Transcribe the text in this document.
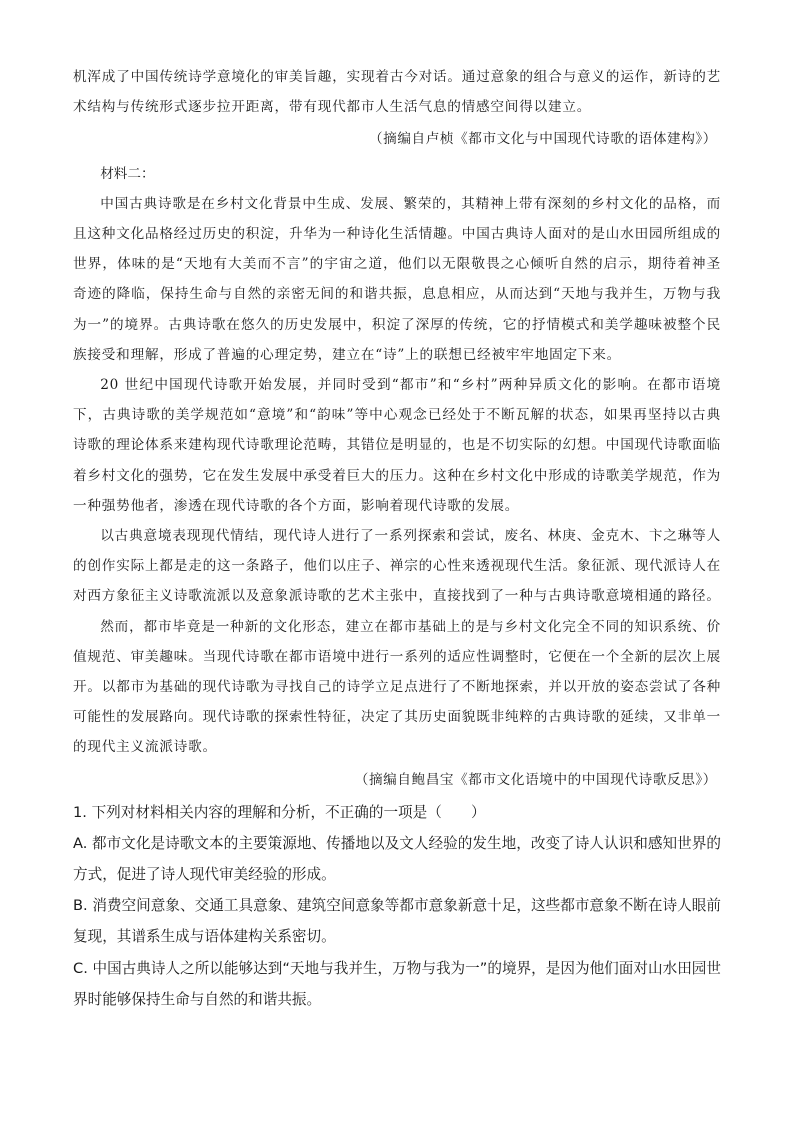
机浑成了中国传统诗学意境化的审美旨趣，实现着古今对话。通过意象的组合与意义的运作，新诗的艺术结构与传统形式逐步拉开距离，带有现代都市人生活气息的情感空间得以建立。

（摘编自卢桢《都市文化与中国现代诗歌的语体建构》）

材料二：

中国古典诗歌是在乡村文化背景中生成、发展、繁荣的，其精神上带有深刻的乡村文化的品格，而且这种文化品格经过历史的积淀，升华为一种诗化生活情趣。中国古典诗人面对的是山水田园所组成的世界，体味的是“天地有大美而不言”的宇宙之道，他们以无限敬畏之心倾听自然的启示，期待着神圣奇迹的降临，保持生命与自然的亲密无间的和谐共振，息息相应，从而达到“天地与我并生，万物与我为一”的境界。古典诗歌在悠久的历史发展中，积淀了深厚的传统，它的抒情模式和美学趣味被整个民族接受和理解，形成了普遍的心理定势，建立在“诗”上的联想已经被牢牢地固定下来。

20 世纪中国现代诗歌开始发展，并同时受到“都市”和“乡村”两种异质文化的影响。在都市语境下，古典诗歌的美学规范如“意境”和“韵味”等中心观念已经处于不断瓦解的状态，如果再坚持以古典诗歌的理论体系来建构现代诗歌理论范畴，其错位是明显的，也是不切实际的幻想。中国现代诗歌面临着乡村文化的强势，它在发生发展中承受着巨大的压力。这种在乡村文化中形成的诗歌美学规范，作为一种强势他者，渗透在现代诗歌的各个方面，影响着现代诗歌的发展。

以古典意境表现现代情结，现代诗人进行了一系列探索和尝试，废名、林庚、金克木、卞之琳等人的创作实际上都是走的这一条路子，他们以庄子、禅宗的心性来透视现代生活。象征派、现代派诗人在对西方象征主义诗歌流派以及意象派诗歌的艺术主张中，直接找到了一种与古典诗歌意境相通的路径。

然而，都市毕竟是一种新的文化形态，建立在都市基础上的是与乡村文化完全不同的知识系统、价值规范、审美趣味。当现代诗歌在都市语境中进行一系列的适应性调整时，它便在一个全新的层次上展开。以都市为基础的现代诗歌为寻找自己的诗学立足点进行了不断地探索，并以开放的姿态尝试了各种可能性的发展路向。现代诗歌的探索性特征，决定了其历史面貌既非纯粹的古典诗歌的延续，又非单一的现代主义流派诗歌。

（摘编自鲍昌宝《都市文化语境中的中国现代诗歌反思》）

1. 下列对材料相关内容的理解和分析，不正确的一项是（　　）

A. 都市文化是诗歌文本的主要策源地、传播地以及文人经验的发生地，改变了诗人认识和感知世界的方式，促进了诗人现代审美经验的形成。

B. 消费空间意象、交通工具意象、建筑空间意象等都市意象新意十足，这些都市意象不断在诗人眼前复现，其谱系生成与语体建构关系密切。

C. 中国古典诗人之所以能够达到“天地与我并生，万物与我为一”的境界，是因为他们面对山水田园世界时能够保持生命与自然的和谐共振。
